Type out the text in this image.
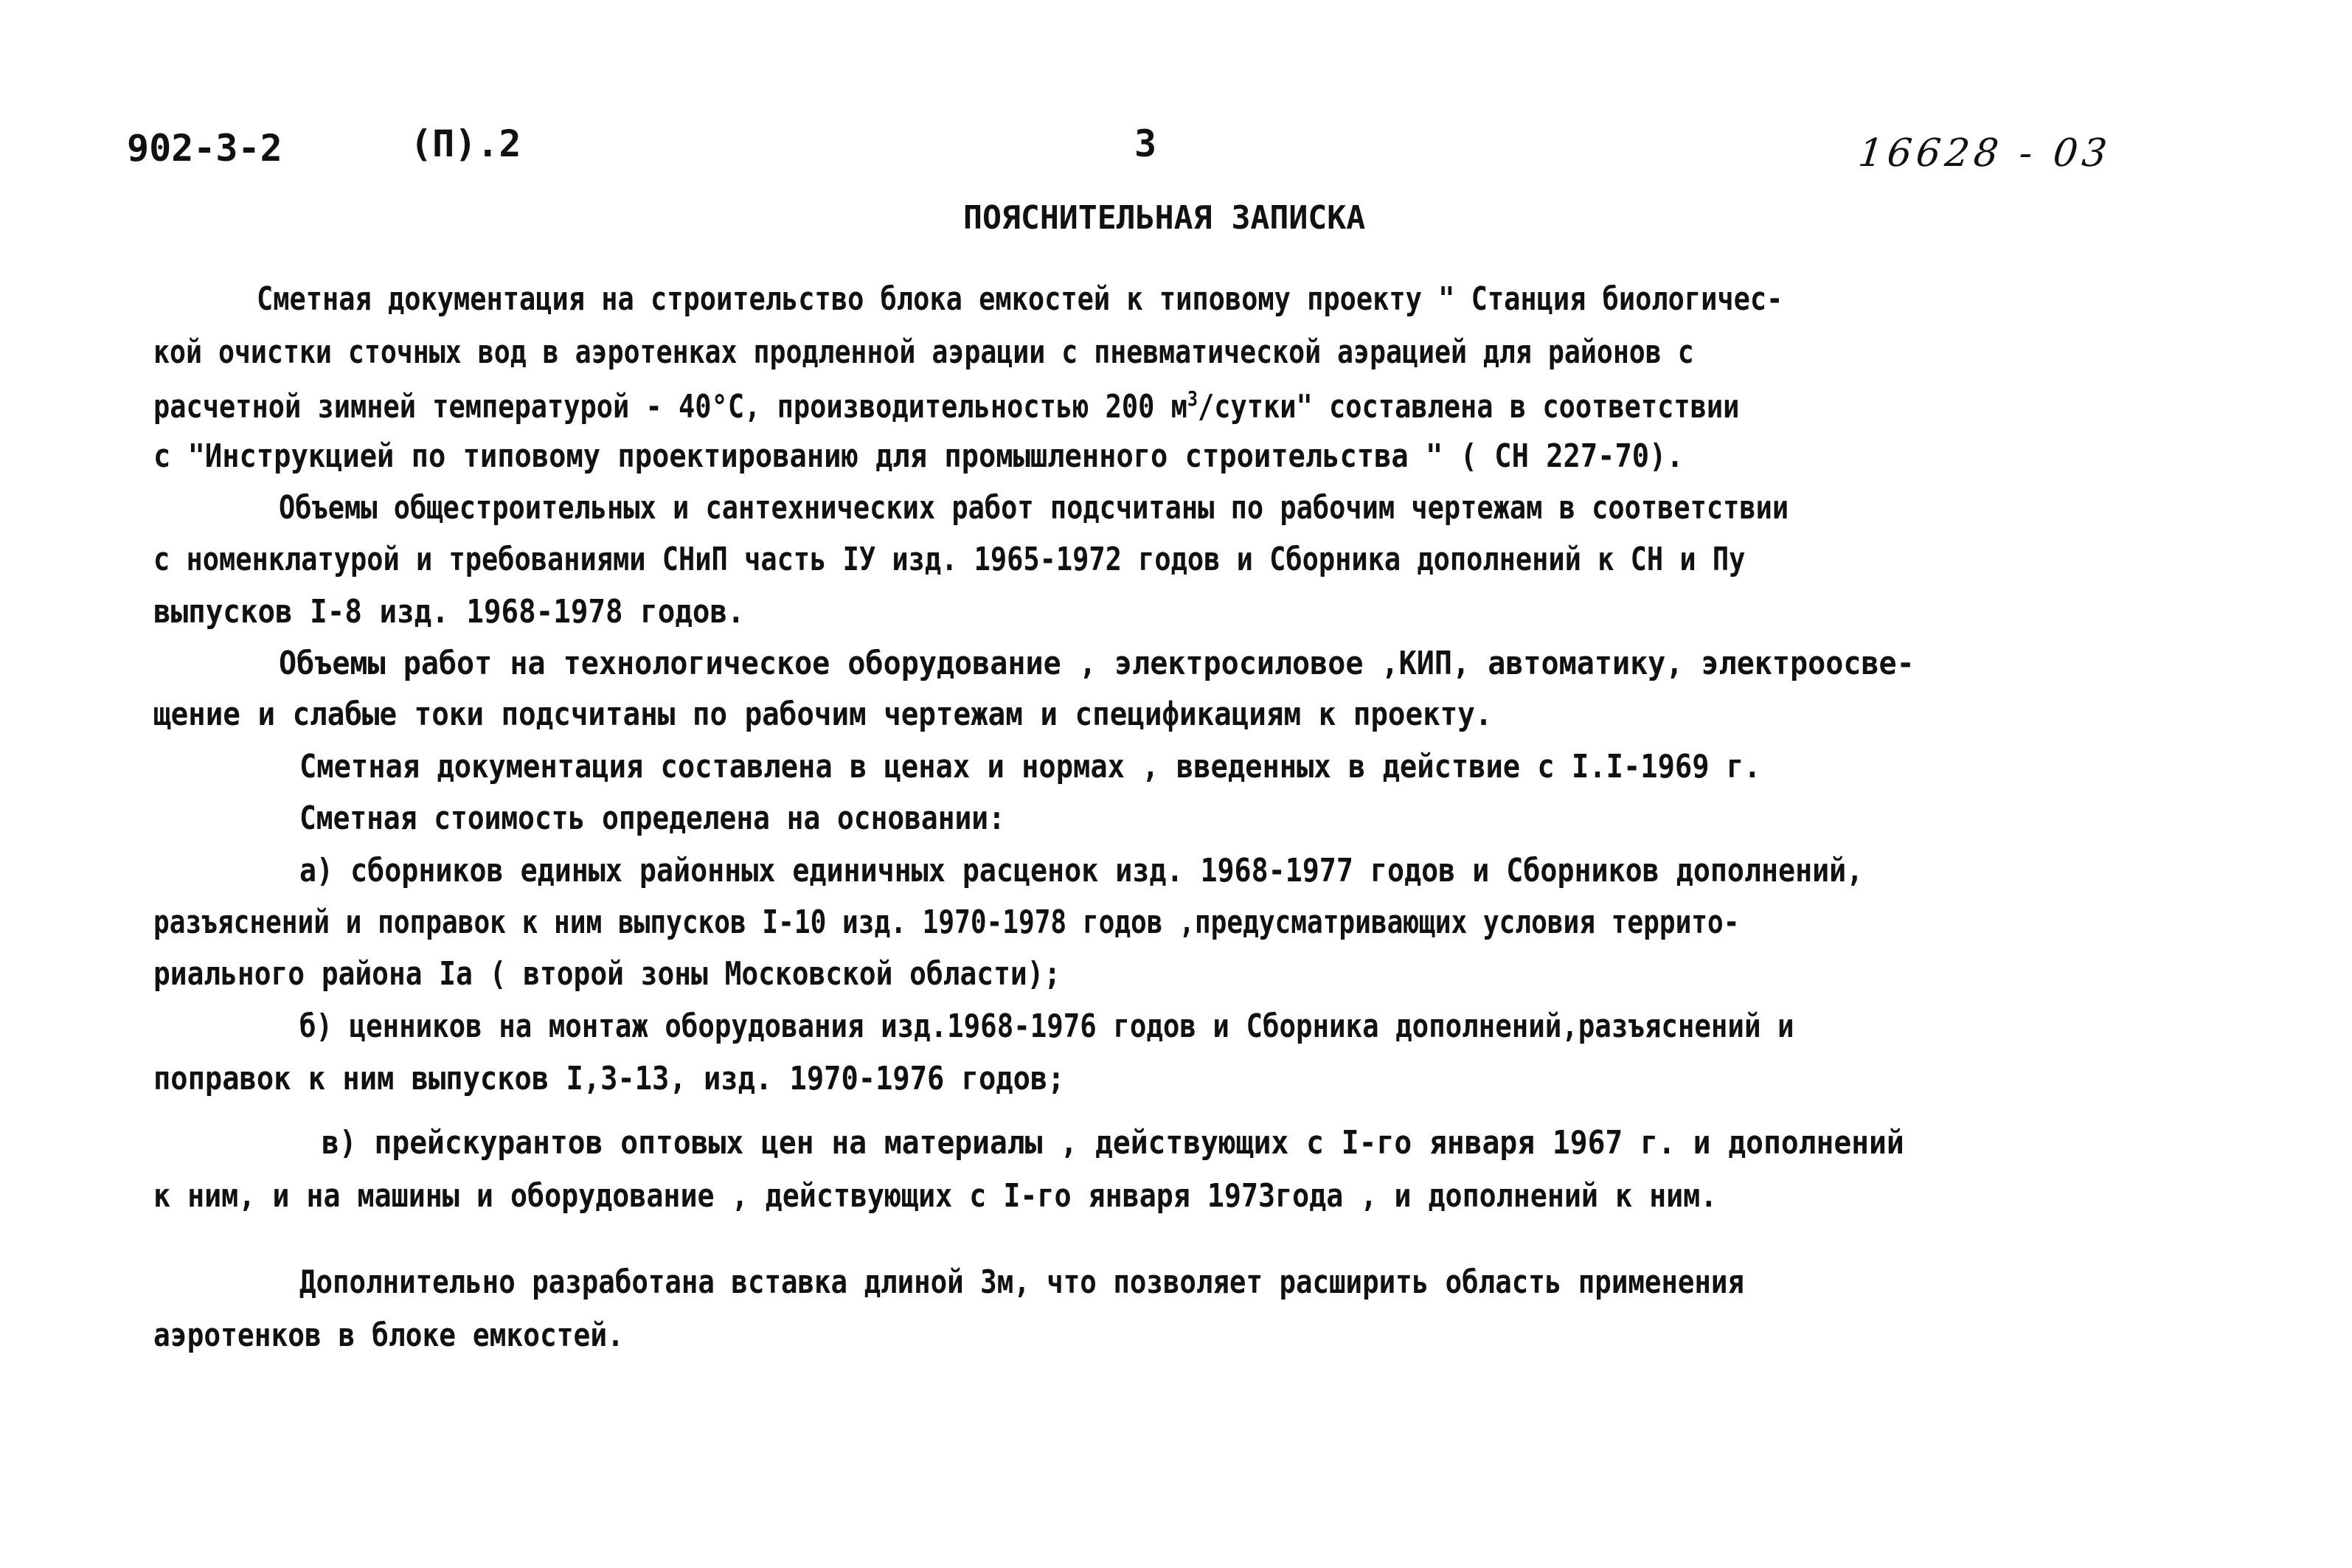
902-3-2	(П).2	3	16628 - 03
ПОЯСНИТЕЛЬНАЯ ЗАПИСКА
Сметная документация на строительство блока емкостей к типовому проекту " Станция биологичес-
кой очистки сточных вод в аэротенках продленной аэрации с пневматической аэрацией для районов с
расчетной зимней температурой - 40°С, производительностью 200 $м^3$/сутки" составлена в соответствии
с "Инструкцией по типовому проектированию для промышленного строительства " ( СН 227-70).
Объемы общестроительных и сантехнических работ подсчитаны по рабочим чертежам в соответствии
с номенклатурой и требованиями СНиП часть IУ изд. 1965-1972 годов и Сборника дополнений к СН и Пу
выпусков I-8 изд. 1968-1978 годов.
Объемы работ на технологическое оборудование , электросиловое ,КИП, автоматику, электроосве-
щение и слабые токи подсчитаны по рабочим чертежам и спецификациям к проекту.
Сметная документация составлена в ценах и нормах , введенных в действие с I.I-1969 г.
Сметная стоимость определена на основании:
а) сборников единых районных единичных расценок изд. 1968-1977 годов и Сборников дополнений,
разъяснений и поправок к ним выпусков I-10 изд. 1970-1978 годов ,предусматривающих условия террито-
риального района Iа ( второй зоны Московской области);
б) ценников на монтаж оборудования изд.1968-1976 годов и Сборника дополнений,разъяснений и
поправок к ним выпусков I,3-13, изд. 1970-1976 годов;
в) прейскурантов оптовых цен на материалы , действующих с I-го января 1967 г. и дополнений
к ним, и на машины и оборудование , действующих с I-го января 1973года , и дополнений к ним.
Дополнительно разработана вставка длиной 3м, что позволяет расширить область применения
аэротенков в блоке емкостей.
